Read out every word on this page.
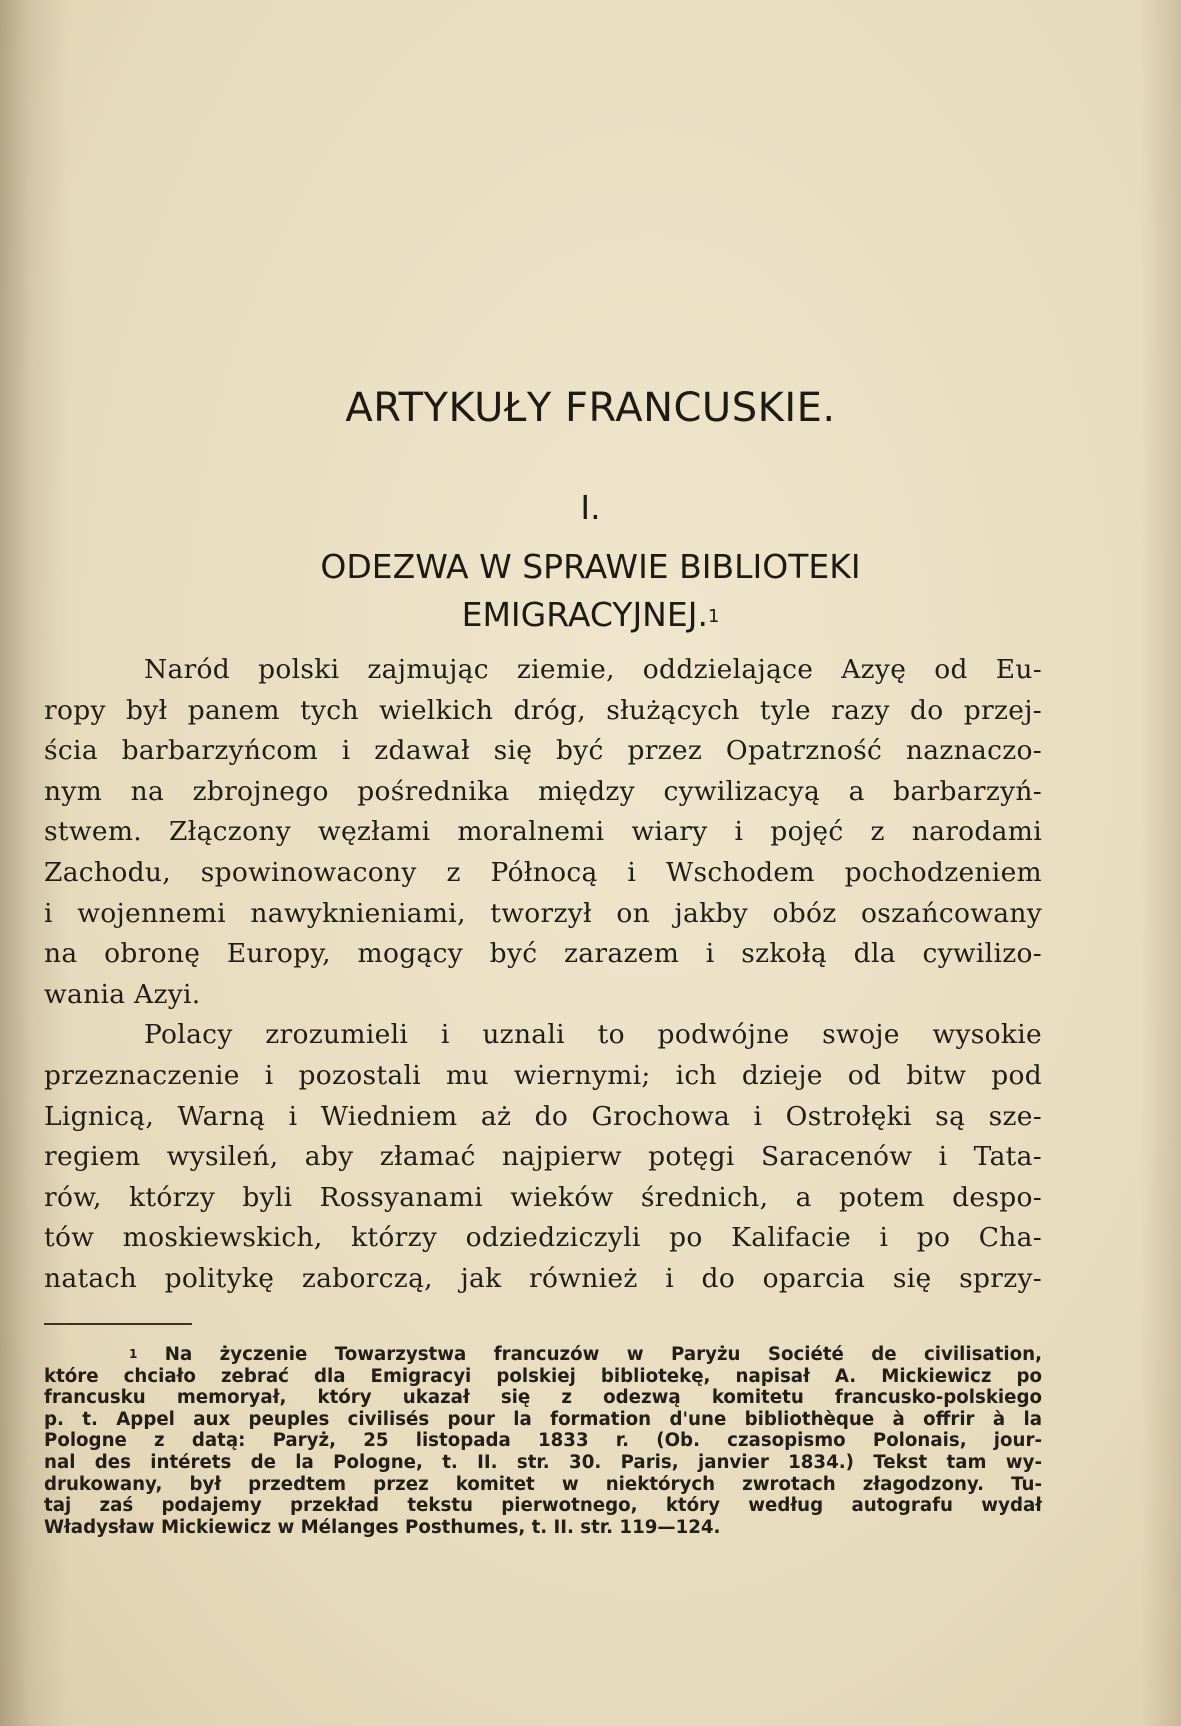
ARTYKUŁY FRANCUSKIE.
I.
ODEZWA W SPRAWIE BIBLIOTEKI
EMIGRACYJNEJ.$^1$
Naród polski zajmując ziemie, oddzielające Azyę od Eu-
ropy był panem tych wielkich dróg, służących tyle razy do przej-
ścia barbarzyńcom i zdawał się być przez Opatrzność naznaczo-
nym na zbrojnego pośrednika między cywilizacyą a barbarzyń-
stwem. Złączony węzłami moralnemi wiary i pojęć z narodami
Zachodu, spowinowacony z Północą i Wschodem pochodzeniem
i wojennemi nawyknieniami, tworzył on jakby obóz oszańcowany
na obronę Europy, mogący być zarazem i szkołą dla cywilizo-
wania Azyi.
Polacy zrozumieli i uznali to podwójne swoje wysokie
przeznaczenie i pozostali mu wiernymi; ich dzieje od bitw pod
Lignicą, Warną i Wiedniem aż do Grochowa i Ostrołęki są sze-
regiem wysileń, aby złamać najpierw potęgi Saracenów i Tata-
rów, którzy byli Rossyanami wieków średnich, a potem despo-
tów moskiewskich, którzy odziedziczyli po Kalifacie i po Cha-
natach politykę zaborczą, jak również i do oparcia się sprzy-
$^1$ Na życzenie Towarzystwa francuzów w Paryżu Société de civilisation,
które chciało zebrać dla Emigracyi polskiej bibliotekę, napisał A. Mickiewicz po
francusku memoryał, który ukazał się z odezwą komitetu francusko-polskiego
p. t. Appel aux peuples civilisés pour la formation d'une bibliothèque à offrir à la
Pologne z datą: Paryż, 25 listopada 1833 r. (Ob. czasopismo Polonais, jour-
nal des intérets de la Pologne, t. II. str. 30. Paris, janvier 1834.) Tekst tam wy-
drukowany, był przedtem przez komitet w niektórych zwrotach złagodzony. Tu-
taj zaś podajemy przekład tekstu pierwotnego, który według autografu wydał
Władysław Mickiewicz w Mélanges Posthumes, t. II. str. 119—124.
